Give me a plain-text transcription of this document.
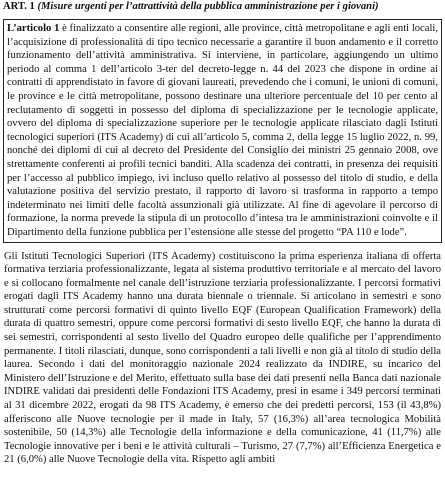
ART. 1 (Misure urgenti per l’attrattività della pubblica amministrazione per i giovani)

L’articolo 1 è finalizzato a consentire alle regioni, alle province, città metropolitane e agli enti locali, l’acquisizione di professionalità di tipo tecnico necessarie a garantire il buon andamento e il corretto funzionamento dell’attività amministrativa. Si interviene, in particolare, aggiungendo un ultimo periodo al comma 1 dell’articolo 3-ter del decreto-legge n. 44 del 2023 che dispone in ordine ai contratti di apprendistato in favore di giovani laureati, prevedendo che i comuni, le unioni di comuni, le province e le città metropolitane, possono destinare una ulteriore percentuale del 10 per cento al reclutamento di soggetti in possesso del diploma di specializzazione per le tecnologie applicate, ovvero del diploma di specializzazione superiore per le tecnologie applicate rilasciato dagli Istituti tecnologici superiori (ITS Academy) di cui all’articolo 5, comma 2, della legge 15 luglio 2022, n. 99, nonché dei diplomi di cui al decreto del Presidente del Consiglio dei ministri 25 gennaio 2008, ove strettamente conferenti ai profili tecnici banditi. Alla scadenza dei contratti, in presenza dei requisiti per l’accesso al pubblico impiego, ivi incluso quello relativo al possesso del titolo di studio, e della valutazione positiva del servizio prestato, il rapporto di lavoro si trasforma in rapporto a tempo indeterminato nei limiti delle facoltà assunzionali già utilizzate. Al fine di agevolare il percorso di formazione, la norma prevede la stipula di un protocollo d’intesa tra le amministrazioni coinvolte e il Dipartimento della funzione pubblica per l’estensione alle stesse del progetto “PA 110 e lode”.

Gli Istituti Tecnologici Superiori (ITS Academy) costituiscono la prima esperienza italiana di offerta formativa terziaria professionalizzante, legata al sistema produttivo territoriale e al mercato del lavoro e si collocano formalmente nel canale dell’istruzione terziaria professionalizzante. I percorsi formativi erogati dagli ITS Academy hanno una durata biennale o triennale. Si articolano in semestri e sono strutturati come percorsi formativi di quinto livello EQF (European Qualification Framework) della durata di quattro semestri, oppure come percorsi formativi di sesto livello EQF, che hanno la durata di sei semestri, corrispondenti al sesto livello del Quadro europeo delle qualifiche per l’apprendimento permanente. I titoli rilasciati, dunque, sono corrispondenti a tali livelli e non già al titolo di studio della laurea. Secondo i dati del monitoraggio nazionale 2024 realizzato da INDIRE, su incarico del Ministero dell’Istruzione e del Merito, effettuato sulla base dei dati presenti nella Banca dati nazionale INDIRE validati dai presidenti delle Fondazioni ITS Academy, presi in esame i 349 percorsi terminati al 31 dicembre 2022, erogati da 98 ITS Academy, è emerso che dei predetti percorsi, 153 (il 43,8%) afferiscono alle Nuove tecnologie per il made in Italy, 57 (16,3%) all’area tecnologica Mobilità sostenibile, 50 (14,3%) alle Tecnologie della informazione e della comunicazione, 41 (11,7%) alle Tecnologie innovative per i beni e le attività culturali – Turismo, 27 (7,7%) all’Efficienza Energetica e 21 (6,0%) alle Nuove Tecnologie della vita. Rispetto agli ambiti
